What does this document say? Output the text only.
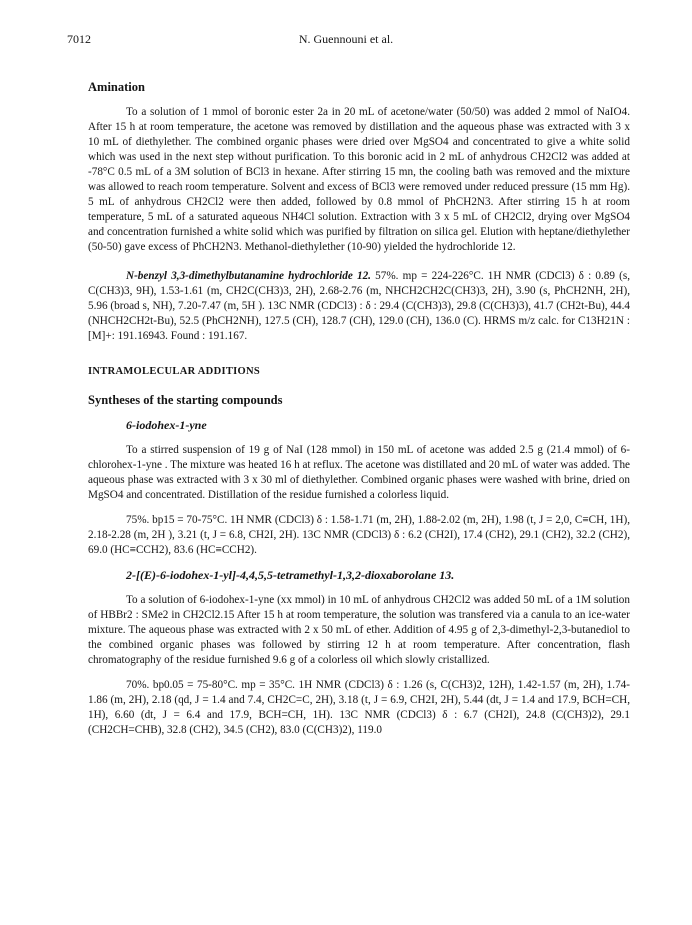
7012	N. Guennouni et al.
Amination

To a solution of 1 mmol of boronic ester 2a in 20 mL of acetone/water (50/50) was added 2 mmol of NaIO4. After 15 h at room temperature, the acetone was removed by distillation and the aqueous phase was extracted with 3 x 10 mL of diethylether. The combined organic phases were dried over MgSO4 and concentrated to give a white solid which was used in the next step without purification. To this boronic acid in 2 mL of anhydrous CH2Cl2 was added at -78°C 0.5 mL of a 3M solution of BCl3 in hexane. After stirring 15 mn, the cooling bath was removed and the mixture was allowed to reach room temperature. Solvent and excess of BCl3 were removed under reduced pressure (15 mm Hg). 5 mL of anhydrous CH2Cl2 were then added, followed by 0.8 mmol of PhCH2N3. After stirring 15 h at room temperature, 5 mL of a saturated aqueous NH4Cl solution. Extraction with 3 x 5 mL of CH2Cl2, drying over MgSO4 and concentration furnished a white solid which was purified by filtration on silica gel. Elution with heptane/diethylether (50-50) gave excess of PhCH2N3. Methanol-diethylether (10-90) yielded the hydrochloride 12.

N-benzyl 3,3-dimethylbutanamine hydrochloride 12. 57%. mp = 224-226°C. 1H NMR (CDCl3) δ : 0.89 (s, C(CH3)3, 9H), 1.53-1.61 (m, CH2C(CH3)3, 2H), 2.68-2.76 (m, NHCH2CH2C(CH3)3, 2H), 3.90 (s, PhCH2NH, 2H), 5.96 (broad s, NH), 7.20-7.47 (m, 5H ). 13C NMR (CDCl3) : δ : 29.4 (C(CH3)3), 29.8 (C(CH3)3), 41.7 (CH2t-Bu), 44.4 (NHCH2CH2t-Bu), 52.5 (PhCH2NH), 127.5 (CH), 128.7 (CH), 129.0 (CH), 136.0 (C). HRMS m/z calc. for C13H21N : [M]+: 191.16943. Found : 191.167.

INTRAMOLECULAR ADDITIONS
Syntheses of the starting compounds
6-iodohex-1-yne

To a stirred suspension of 19 g of NaI (128 mmol) in 150 mL of acetone was added 2.5 g (21.4 mmol) of 6-chlorohex-1-yne . The mixture was heated 16 h at reflux. The acetone was distillated and 20 mL of water was added. The aqueous phase was extracted with 3 x 30 ml of diethylether. Combined organic phases were washed with brine, dried on MgSO4 and concentrated. Distillation of the residue furnished a colorless liquid.

75%. bp15 = 70-75°C. 1H NMR (CDCl3) δ : 1.58-1.71 (m, 2H), 1.88-2.02 (m, 2H), 1.98 (t, J = 2,0, C≡CH, 1H), 2.18-2.28 (m, 2H ), 3.21 (t, J = 6.8, CH2I, 2H). 13C NMR (CDCl3) δ : 6.2 (CH2I), 17.4 (CH2), 29.1 (CH2), 32.2 (CH2), 69.0 (HC≡CCH2), 83.6 (HC≡CCH2).

2-[(E)-6-iodohex-1-yl]-4,4,5,5-tetramethyl-1,3,2-dioxaborolane 13.

To a solution of 6-iodohex-1-yne (xx mmol) in 10 mL of anhydrous CH2Cl2 was added 50 mL of a 1M solution of HBBr2 : SMe2 in CH2Cl2.15 After 15 h at room temperature, the solution was transfered via a canula to an ice-water mixture. The aqueous phase was extracted with 2 x 50 mL of ether. Addition of 4.95 g of 2,3-dimethyl-2,3-butanediol to the combined organic phases was followed by stirring 12 h at room temperature. After concentration, flash chromatography of the residue furnished 9.6 g of a colorless oil which slowly cristallized.

70%. bp0.05 = 75-80°C. mp = 35°C. 1H NMR (CDCl3) δ : 1.26 (s, C(CH3)2, 12H), 1.42-1.57 (m, 2H), 1.74-1.86 (m, 2H), 2.18 (qd, J = 1.4 and 7.4, CH2C=C, 2H), 3.18 (t, J = 6.9, CH2I, 2H), 5.44 (dt, J = 1.4 and 17.9, BCH=CH, 1H), 6.60 (dt, J = 6.4 and 17.9, BCH=CH, 1H). 13C NMR (CDCl3) δ : 6.7 (CH2I), 24.8 (C(CH3)2), 29.1 (CH2CH=CHB), 32.8 (CH2), 34.5 (CH2), 83.0 (C(CH3)2), 119.0
